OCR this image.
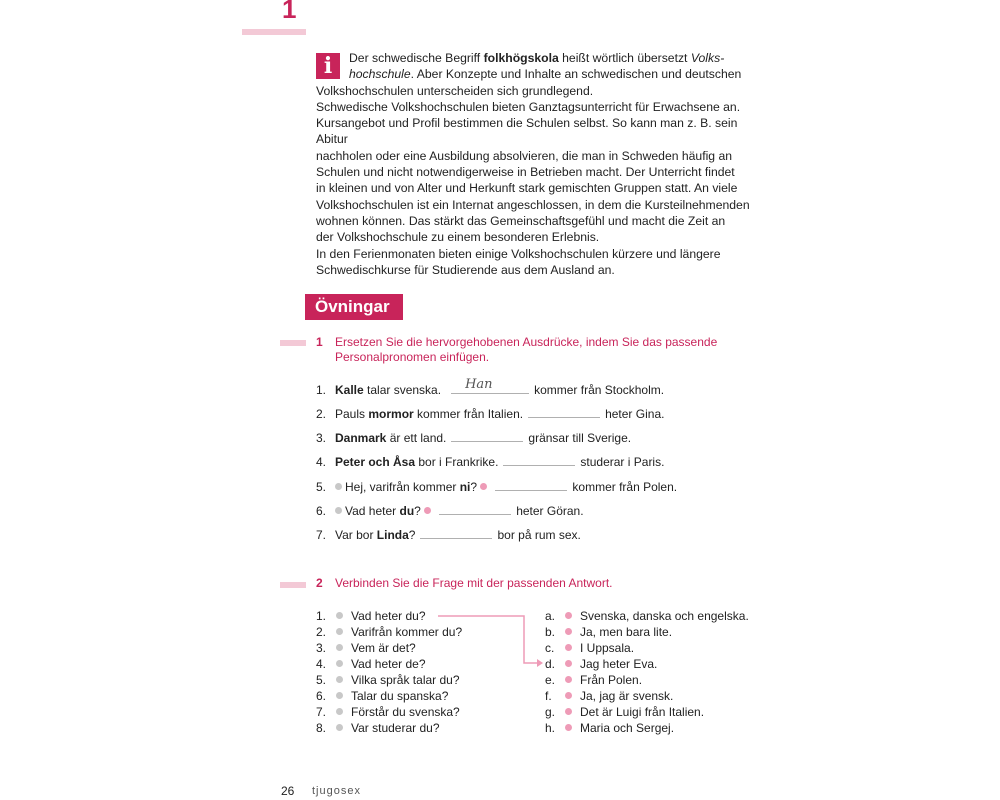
1
i	Der schwedische Begriff folkhögskola heißt wörtlich übersetzt Volks-

hochschule. Aber Konzepte und Inhalte an schwedischen und deutschen

Volkshochschulen unterscheiden sich grundlegend.

Schwedische Volkshochschulen bieten Ganztagsunterricht für Erwachsene an.

Kursangebot und Profil bestimmen die Schulen selbst. So kann man z. B. sein Abitur

nachholen oder eine Ausbildung absolvieren, die man in Schweden häufig an

Schulen und nicht notwendigerweise in Betrieben macht. Der Unterricht findet

in kleinen und von Alter und Herkunft stark gemischten Gruppen statt. An viele

Volkshochschulen ist ein Internat angeschlossen, in dem die Kursteilnehmenden

wohnen können. Das stärkt das Gemeinschaftsgefühl und macht die Zeit an

der Volkshochschule zu einem besonderen Erlebnis.

In den Ferienmonaten bieten einige Volkshochschulen kürzere und längere

Schwedischkurse für Studierende aus dem Ausland an.

Övningar
1 Ersetzen Sie die hervorgehobenen Ausdrücke, indem Sie das passende
Personalpronomen einfügen.
1. Kalle talar svenska. Han	kommer från Stockholm.
2. Pauls mormor kommer från Italien.	heter Gina.
3. Danmark är ett land.	gränsar till Sverige.
4. Peter och Åsa bor i Frankrike.	studerar i Paris.
5. Hej, varifrån kommer ni?	kommer från Polen.
6. Vad heter du?	heter Göran.
7. Var bor Linda?	bor på rum sex.
2 Verbinden Sie die Frage mit der passenden Antwort.
1. Vad heter du?
2. Varifrån kommer du?
3. Vem är det?
4. Vad heter de?
5. Vilka språk talar du?
6. Talar du spanska?
7. Förstår du svenska?
8. Var studerar du?
a. Svenska, danska och engelska.
b. Ja, men bara lite.
c. I Uppsala.
d. Jag heter Eva.
e. Från Polen.
f. Ja, jag är svensk.
g. Det är Luigi från Italien.
h. Maria och Sergej.
26 tjugosex
